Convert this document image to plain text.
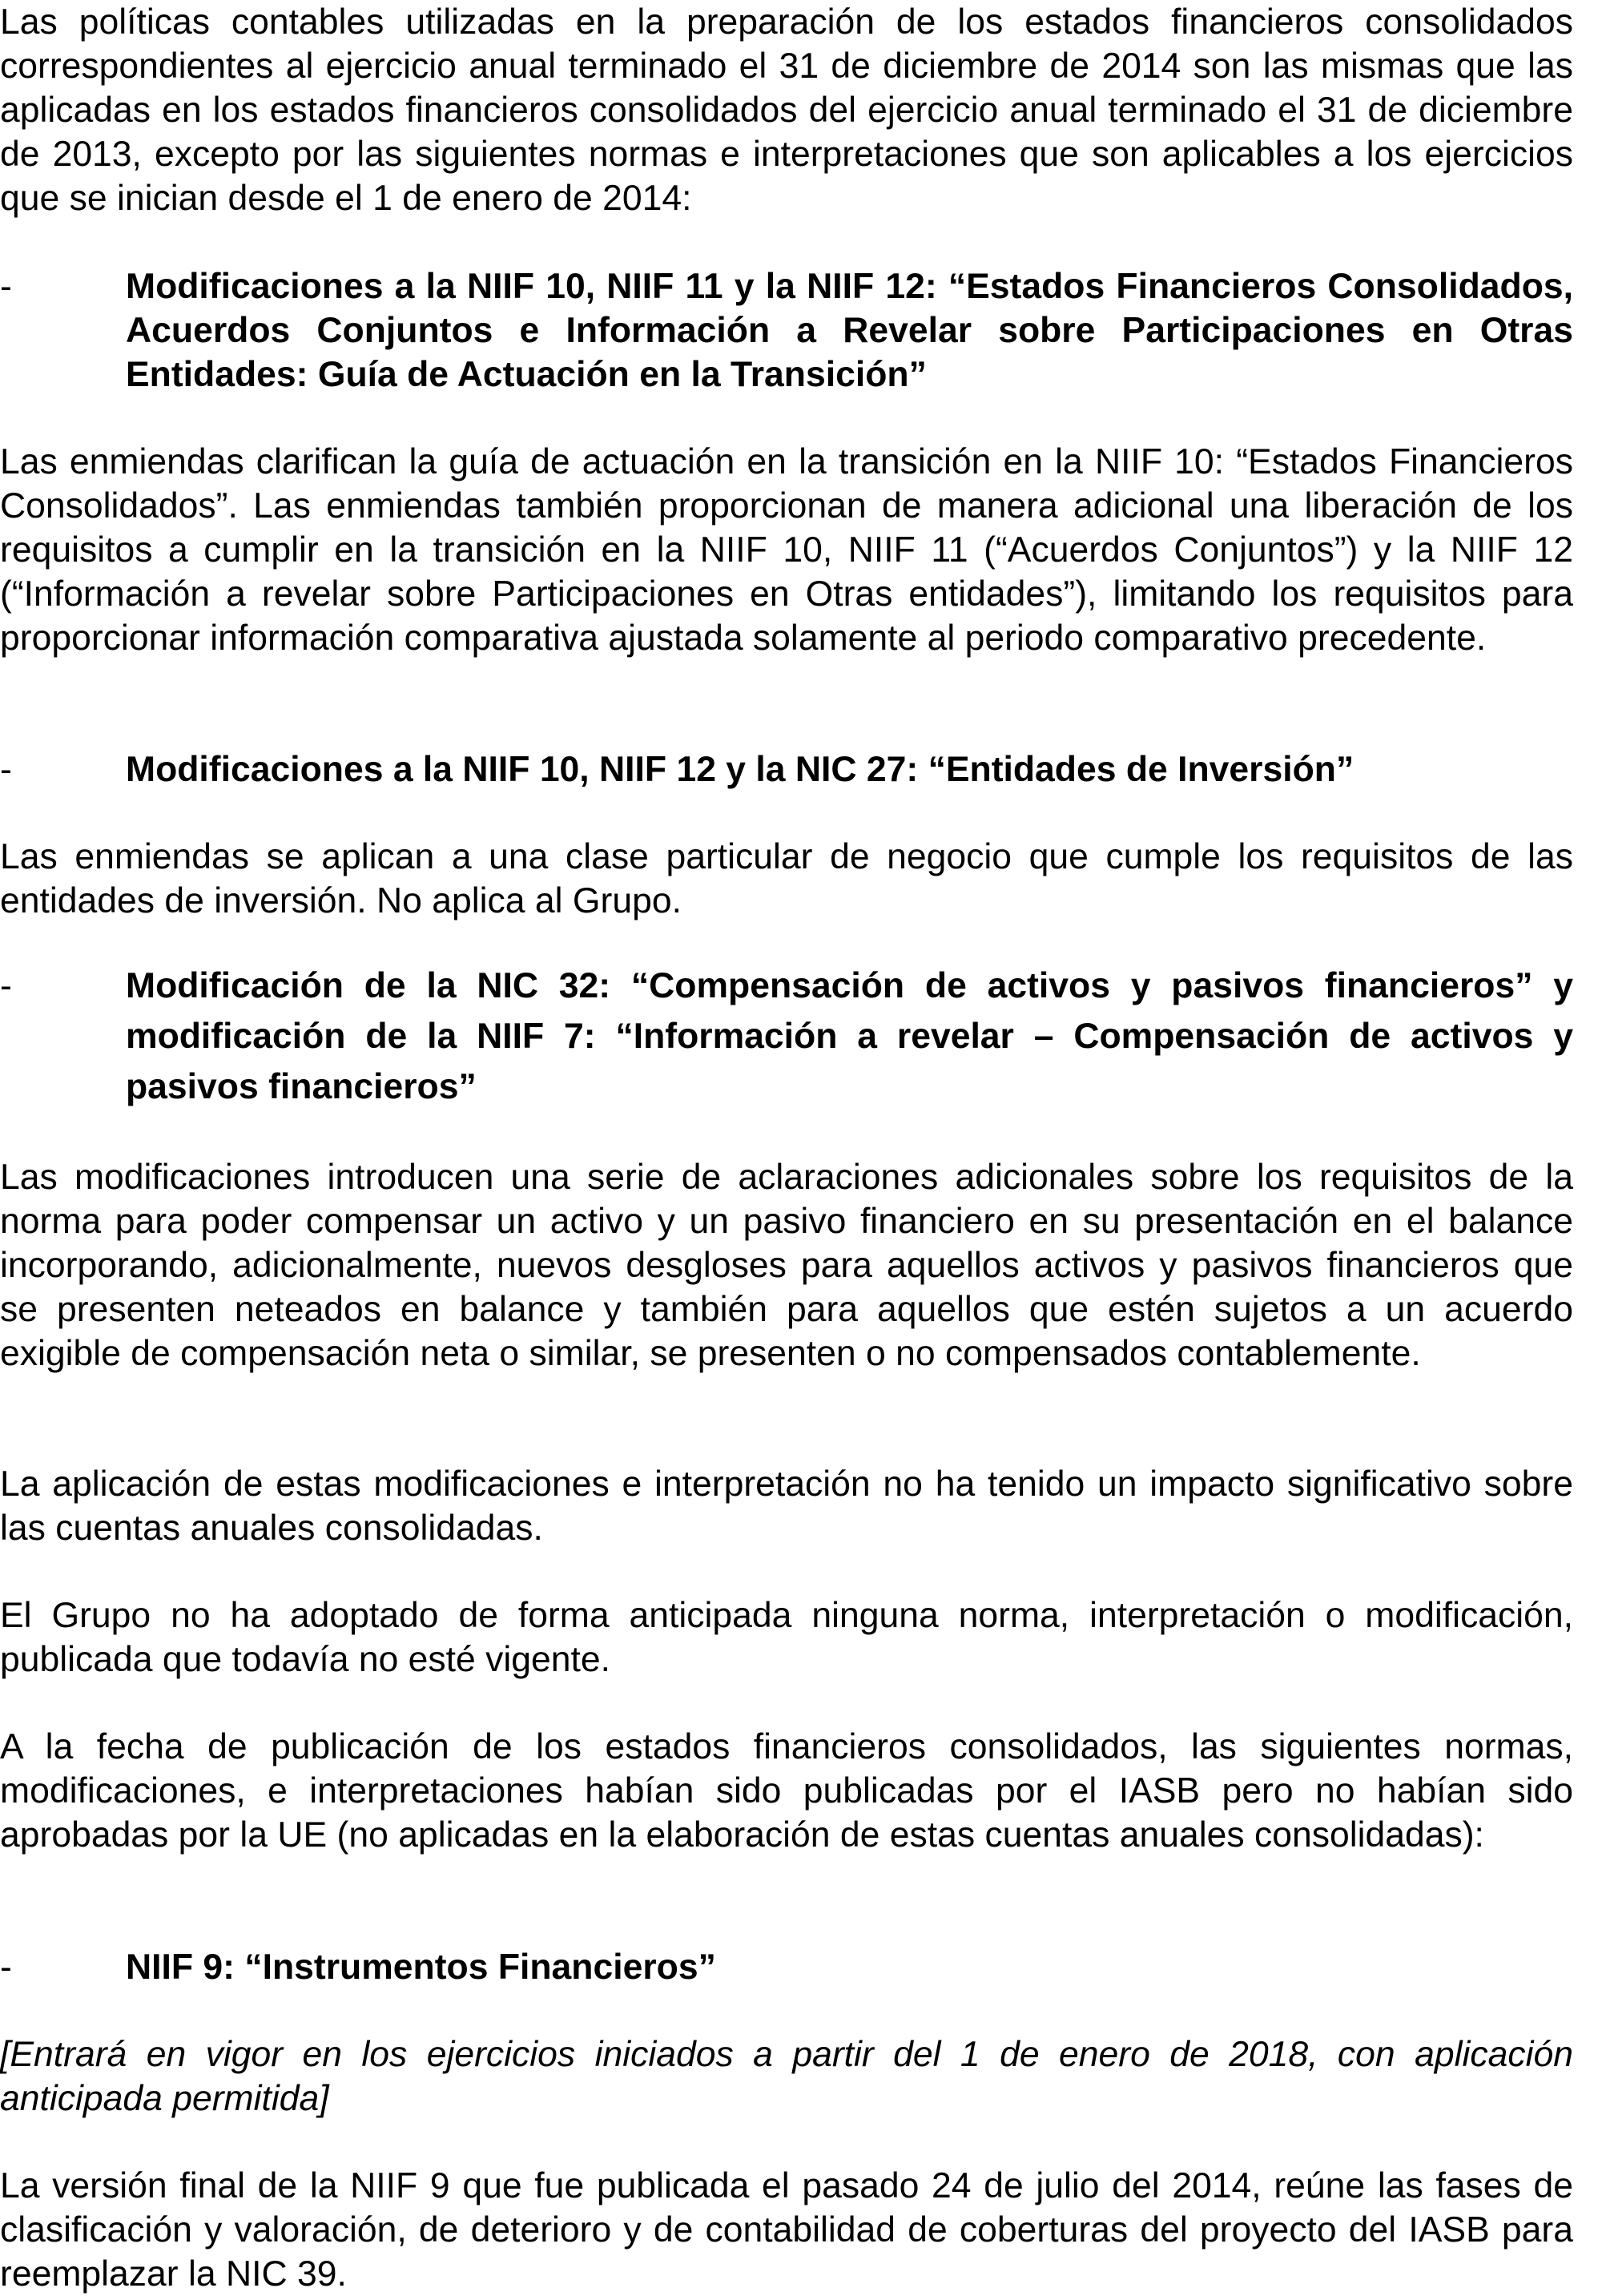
Las políticas contables utilizadas en la preparación de los estados financieros consolidados correspondientes al ejercicio anual terminado el 31 de diciembre de 2014 son las mismas que las aplicadas en los estados financieros consolidados del ejercicio anual terminado el 31 de diciembre de 2013, excepto por las siguientes normas e interpretaciones que son aplicables a los ejercicios que se inician desde el 1 de enero de 2014:

-	Modificaciones a la NIIF 10, NIIF 11 y la NIIF 12: “Estados Financieros Consolidados, Acuerdos Conjuntos e Información a Revelar sobre Participaciones en Otras Entidades: Guía de Actuación en la Transición”

Las enmiendas clarifican la guía de actuación en la transición en la NIIF 10: “Estados Financieros Consolidados”. Las enmiendas también proporcionan de manera adicional una liberación de los requisitos a cumplir en la transición en la NIIF 10, NIIF 11 (“Acuerdos Conjuntos”) y la NIIF 12 (“Información a revelar sobre Participaciones en Otras entidades”), limitando los requisitos para proporcionar información comparativa ajustada solamente al periodo comparativo precedente.

-	Modificaciones a la NIIF 10, NIIF 12 y la NIC 27: “Entidades de Inversión”

Las enmiendas se aplican a una clase particular de negocio que cumple los requisitos de las entidades de inversión. No aplica al Grupo.

-	Modificación de la NIC 32: “Compensación de activos y pasivos financieros” y modificación de la NIIF 7: “Información a revelar – Compensación de activos y pasivos financieros”

Las modificaciones introducen una serie de aclaraciones adicionales sobre los requisitos de la norma para poder compensar un activo y un pasivo financiero en su presentación en el balance incorporando, adicionalmente, nuevos desgloses para aquellos activos y pasivos financieros que se presenten neteados en balance y también para aquellos que estén sujetos a un acuerdo exigible de compensación neta o similar, se presenten o no compensados contablemente.

La aplicación de estas modificaciones e interpretación no ha tenido un impacto significativo sobre las cuentas anuales consolidadas.

El Grupo no ha adoptado de forma anticipada ninguna norma, interpretación o modificación, publicada que todavía no esté vigente.

A la fecha de publicación de los estados financieros consolidados, las siguientes normas, modificaciones, e interpretaciones habían sido publicadas por el IASB pero no habían sido aprobadas por la UE (no aplicadas en la elaboración de estas cuentas anuales consolidadas):

-	NIIF 9: “Instrumentos Financieros”

[Entrará en vigor en los ejercicios iniciados a partir del 1 de enero de 2018, con aplicación anticipada permitida]

La versión final de la NIIF 9 que fue publicada el pasado 24 de julio del 2014, reúne las fases de clasificación y valoración, de deterioro y de contabilidad de coberturas del proyecto del IASB para reemplazar la NIC 39.
